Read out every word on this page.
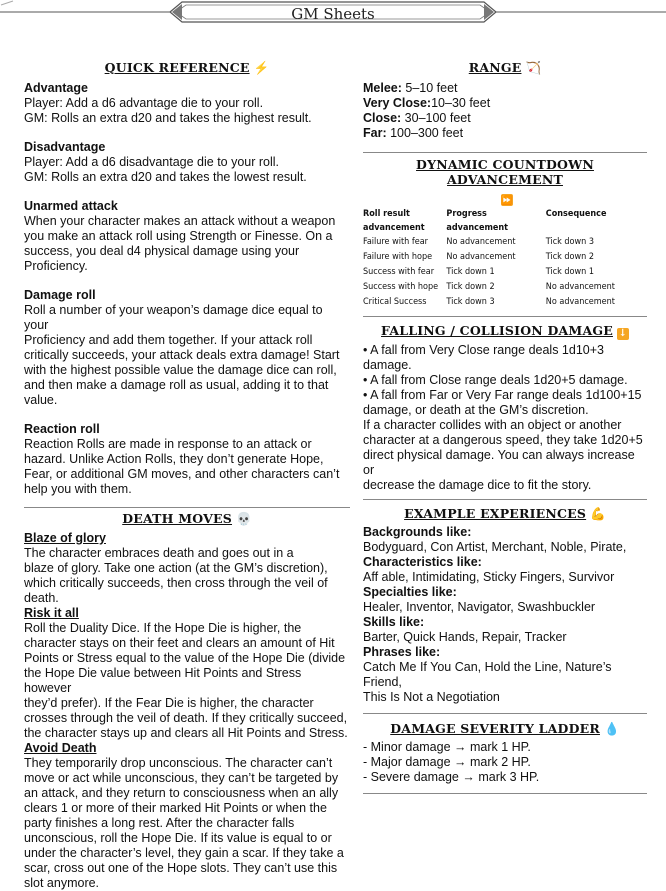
GM Sheets
QUICK REFERENCE ⚡
Advantage
Player: Add a d6 advantage die to your roll.
GM: Rolls an extra d20 and takes the highest result.
Disadvantage
Player: Add a d6 disadvantage die to your roll.
GM: Rolls an extra d20 and takes the lowest result.
Unarmed attack
When your character makes an attack without a weapon
you make an attack roll using Strength or Finesse. On a
success, you deal d4 physical damage using your
Proficiency.
Damage roll
Roll a number of your weapon’s damage dice equal to your
Proficiency and add them together. If your attack roll
critically succeeds, your attack deals extra damage! Start
with the highest possible value the damage dice can roll,
and then make a damage roll as usual, adding it to that
value.
Reaction roll
Reaction Rolls are made in response to an attack or
hazard. Unlike Action Rolls, they don’t generate Hope,
Fear, or additional GM moves, and other characters can’t
help you with them.
DEATH MOVES 💀
Blaze of glory
The character embraces death and goes out in a
blaze of glory. Take one action (at the GM’s discretion),
which critically succeeds, then cross through the veil of
death.
Risk it all
Roll the Duality Dice. If the Hope Die is higher, the
character stays on their feet and clears an amount of Hit
Points or Stress equal to the value of the Hope Die (divide
the Hope Die value between Hit Points and Stress however
they’d prefer). If the Fear Die is higher, the character
crosses through the veil of death. If they critically succeed,
the character stays up and clears all Hit Points and Stress.
Avoid Death
They temporarily drop unconscious. The character can’t
move or act while unconscious, they can’t be targeted by
an attack, and they return to consciousness when an ally
clears 1 or more of their marked Hit Points or when the
party finishes a long rest. After the character falls
unconscious, roll the Hope Die. If its value is equal to or
under the character’s level, they gain a scar. If they take a
scar, cross out one of the Hope slots. They can’t use this
slot anymore.
RANGE 🏹
Melee: 5–10 feet
Very Close:10–30 feet
Close: 30–100 feet
Far: 100–300 feet
DYNAMIC COUNTDOWN ADVANCEMENT
⏩
Roll result advancement	Progress advancement	Consequence
Failure with fear	No advancement	Tick down 3
Failure with hope	No advancement	Tick down 2
Success with fear	Tick down 1	Tick down 1
Success with hope	Tick down 2	No advancement
Critical Success	Tick down 3	No advancement
FALLING / COLLISION DAMAGE ↓
• A fall from Very Close range deals 1d10+3
damage.
• A fall from Close range deals 1d20+5 damage.
• A fall from Far or Very Far range deals 1d100+15
damage, or death at the GM’s discretion.
If a character collides with an object or another
character at a dangerous speed, they take 1d20+5
direct physical damage. You can always increase or
decrease the damage dice to fit the story.
EXAMPLE EXPERIENCES 💪
Backgrounds like:
Bodyguard, Con Artist, Merchant, Noble, Pirate,
Characteristics like:
Aff able, Intimidating, Sticky Fingers, Survivor
Specialties like:
Healer, Inventor, Navigator, Swashbuckler
Skills like:
Barter, Quick Hands, Repair, Tracker
Phrases like:
Catch Me If You Can, Hold the Line, Nature’s
Friend,
This Is Not a Negotiation
DAMAGE SEVERITY LADDER 💧
- Minor damage → mark 1 HP.
- Major damage → mark 2 HP.
- Severe damage → mark 3 HP.
